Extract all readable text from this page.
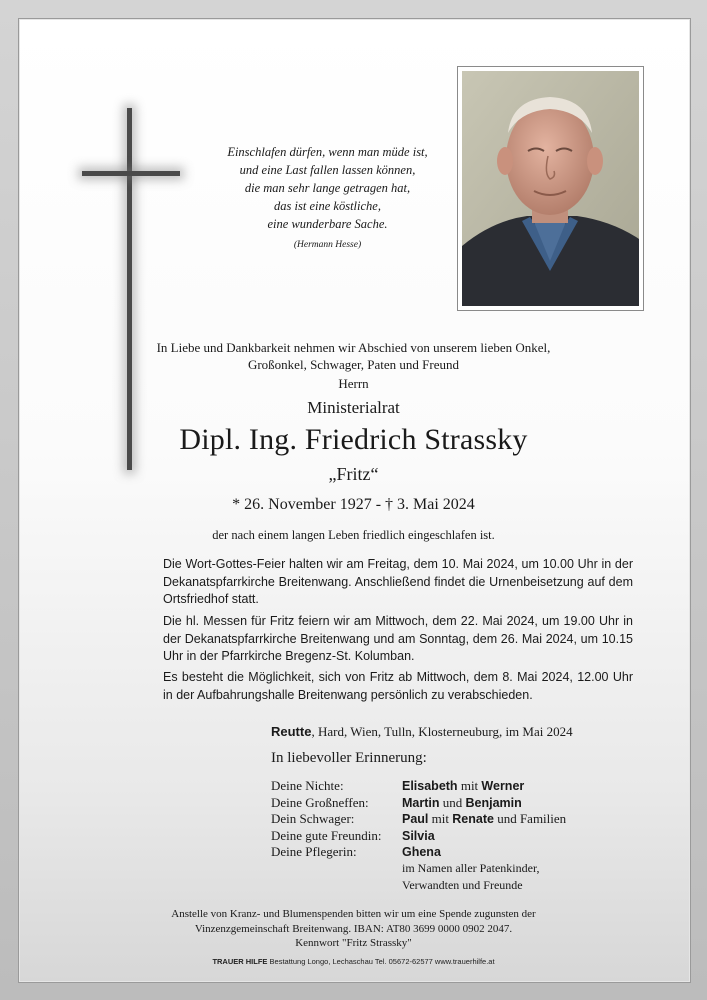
Einschlafen dürfen, wenn man müde ist,
und eine Last fallen lassen können,
die man sehr lange getragen hat,
das ist eine köstliche,
eine wunderbare Sache.
(Hermann Hesse)
In Liebe und Dankbarkeit nehmen wir Abschied von unserem lieben Onkel,
Großonkel, Schwager, Paten und Freund
Herrn
Ministerialrat
Dipl. Ing. Friedrich Strassky
„Fritz“
* 26. November 1927 - † 3. Mai 2024
der nach einem langen Leben friedlich eingeschlafen ist.
Die Wort-Gottes-Feier halten wir am Freitag, dem 10. Mai 2024, um 10.00 Uhr in der Dekanatspfarrkirche Breitenwang. Anschließend findet die Urnenbeisetzung auf dem Ortsfriedhof statt.
Die hl. Messen für Fritz feiern wir am Mittwoch, dem 22. Mai 2024, um 19.00 Uhr in der Dekanatspfarrkirche Breitenwang und am Sonntag, dem 26. Mai 2024, um 10.15 Uhr in der Pfarrkirche Bregenz-St. Kolumban.
Es besteht die Möglichkeit, sich von Fritz ab Mittwoch, dem 8. Mai 2024, 12.00 Uhr in der Aufbahrungshalle Breitenwang persönlich zu verabschieden.
Reutte, Hard, Wien, Tulln, Klosterneuburg, im Mai 2024
In liebevoller Erinnerung:
Deine Nichte:	Elisabeth mit Werner
Deine Großneffen:	Martin und Benjamin
Dein Schwager:	Paul mit Renate und Familien
Deine gute Freundin: Silvia
Deine Pflegerin:	Ghena
im Namen aller Patenkinder,
Verwandten und Freunde
Anstelle von Kranz- und Blumenspenden bitten wir um eine Spende zugunsten der
Vinzenzgemeinschaft Breitenwang. IBAN: AT80 3699 0000 0902 2047.
Kennwort "Fritz Strassky"
TRAUER HILFE Bestattung Longo, Lechaschau Tel. 05672-62577 www.trauerhilfe.at
